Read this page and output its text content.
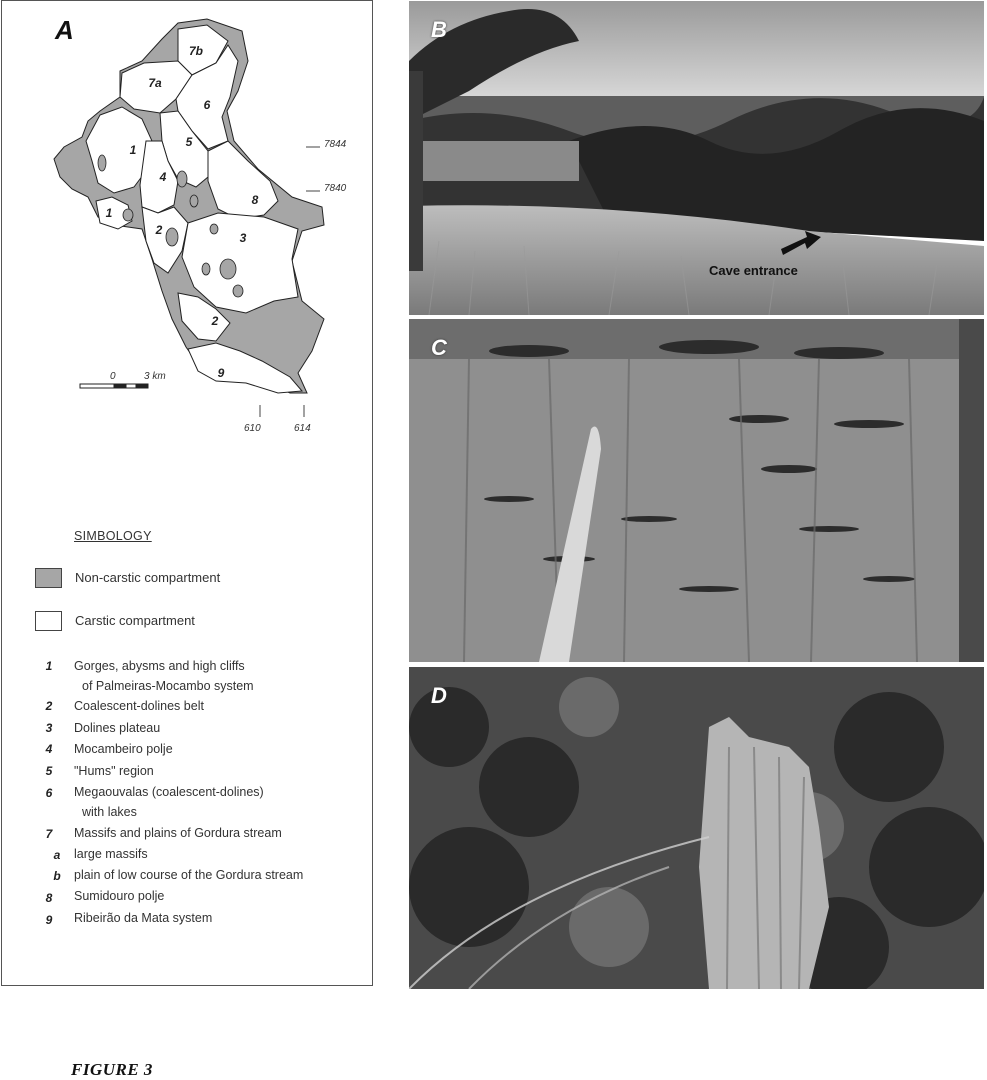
A
1
1
2
2
3
4
5
6
7a
7b
8
9
7844
7840
610	614
0	3 km
SIMBOLOGY
Non-carstic compartment
Carstic compartment
1 Gorges, abysms and high cliffs
of Palmeiras-Mocambo system
2 Coalescent-dolines belt
3 Dolines plateau
4 Mocambeiro polje
5 "Hums" region
6 Megaouvalas (coalescent-dolines)
with lakes
7 Massifs and plains of Gordura stream
a large massifs
b plain of low course of the Gordura stream
8 Sumidouro polje
9 Ribeirão da Mata system
B
Cave entrance
C
D
FIGURE 3
